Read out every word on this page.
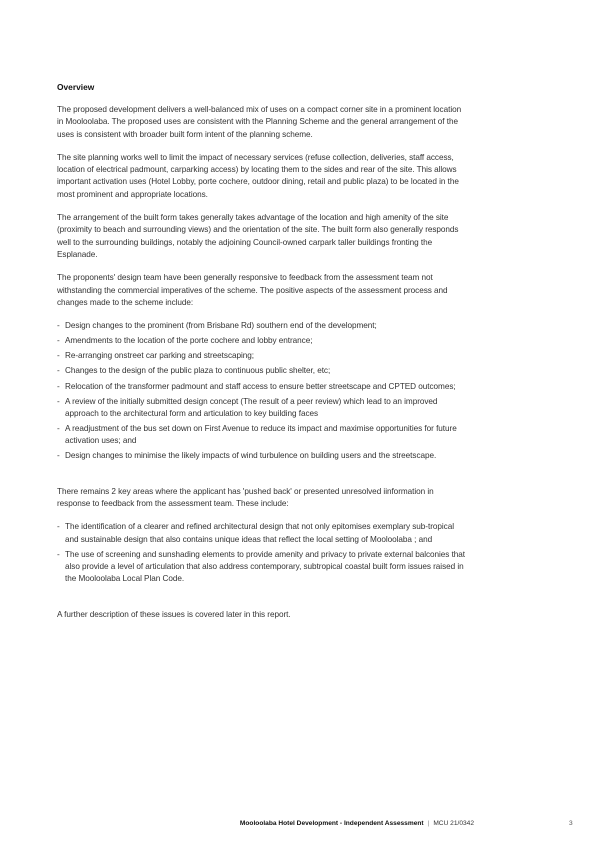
Overview

The proposed development delivers a well-balanced mix of uses on a compact corner site in a prominent location in Mooloolaba. The proposed uses are consistent with the Planning Scheme and the general arrangement of the uses is consistent with broader built form intent of the planning scheme.

The site planning works well to limit the impact of necessary services (refuse collection, deliveries, staff access, location of electrical padmount, carparking access) by locating them to the sides and rear of the site. This allows important activation uses (Hotel Lobby, porte cochere, outdoor dining, retail and public plaza) to be located in the most prominent and appropriate locations.

The arrangement of the built form takes generally takes advantage of the location and high amenity of the site (proximity to beach and surrounding views) and the orientation of the site. The built form also generally responds well to the surrounding buildings, notably the adjoining Council-owned carpark taller buildings fronting the Esplanade.

The proponents' design team have been generally responsive to feedback from the assessment team not withstanding the commercial imperatives of the scheme. The positive aspects of the assessment process and changes made to the scheme include:

- Design changes to the prominent (from Brisbane Rd) southern end of the development;
- Amendments to the location of the porte cochere and lobby entrance;
- Re-arranging onstreet car parking and streetscaping;
- Changes to the design of the public plaza to continuous public shelter, etc;
- Relocation of the transformer padmount and staff access to ensure better streetscape and CPTED outcomes;
- A review of the initially submitted design concept (The result of a peer review) which lead to an improved approach to the architectural form and articulation to key building faces
- A readjustment of the bus set down on First Avenue to reduce its impact and maximise opportunities for future activation uses; and
- Design changes to minimise the likely impacts of wind turbulence on building users and the streetscape.

There remains 2 key areas where the applicant has 'pushed back' or presented unresolved iinformation in response to feedback from the assessment team. These include:

- The identification of a clearer and refined architectural design that not only epitomises exemplary sub-tropical and sustainable design that also contains unique ideas that reflect the local setting of Mooloolaba ; and
- The use of screening and sunshading elements to provide amenity and privacy to private external balconies that also provide a level of articulation that also address contemporary, subtropical coastal built form issues raised in the Mooloolaba Local Plan Code.

A further description of these issues is covered later in this report.

Mooloolaba Hotel Development - Independent Assessment | MCU 21/0342	3
